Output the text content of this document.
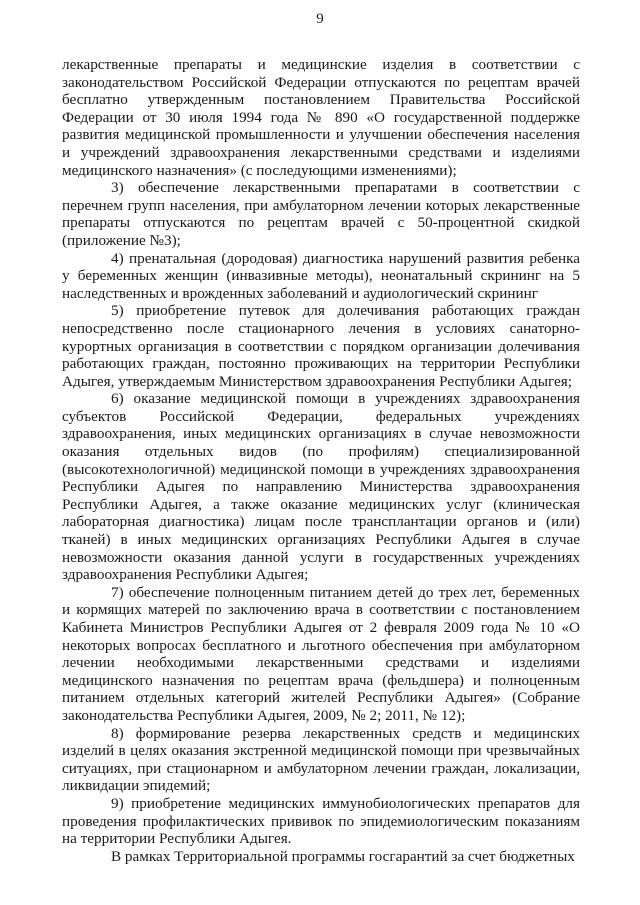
9

лекарственные препараты и медицинские изделия в соответствии с законодательством Российской Федерации отпускаются по рецептам врачей бесплатно утвержденным постановлением Правительства Российской Федерации от 30 июля 1994 года № 890 «О государственной поддержке развития медицинской промышленности и улучшении обеспечения населения и учреждений здравоохранения лекарственными средствами и изделиями медицинского назначения» (с последующими изменениями);

3) обеспечение лекарственными препаратами в соответствии с перечнем групп населения, при амбулаторном лечении которых лекарственные препараты отпускаются по рецептам врачей с 50-процентной скидкой (приложение №3);

4) пренатальная (дородовая) диагностика нарушений развития ребенка у беременных женщин (инвазивные методы), неонатальный скрининг на 5 наследственных и врожденных заболеваний и аудиологический скрининг

5) приобретение путевок для долечивания работающих граждан непосредственно после стационарного лечения в условиях санаторно-курортных организация в соответствии с порядком организации долечивания работающих граждан, постоянно проживающих на территории Республики Адыгея, утверждаемым Министерством здравоохранения Республики Адыгея;

6) оказание медицинской помощи в учреждениях здравоохранения субъектов Российской Федерации, федеральных учреждениях здравоохранения, иных медицинских организациях в случае невозможности оказания отдельных видов (по профилям) специализированной (высокотехнологичной) медицинской помощи в учреждениях здравоохранения Республики Адыгея по направлению Министерства здравоохранения Республики Адыгея, а также оказание медицинских услуг (клиническая лабораторная диагностика) лицам после трансплантации органов и (или) тканей) в иных медицинских организациях Республики Адыгея в случае невозможности оказания данной услуги в государственных учреждениях здравоохранения Республики Адыгея;

7) обеспечение полноценным питанием детей до трех лет, беременных и кормящих матерей по заключению врача в соответствии с постановлением Кабинета Министров Республики Адыгея от 2 февраля 2009 года № 10 «О некоторых вопросах бесплатного и льготного обеспечения при амбулаторном лечении необходимыми лекарственными средствами и изделиями медицинского назначения по рецептам врача (фельдшера) и полноценным питанием отдельных категорий жителей Республики Адыгея» (Собрание законодательства Республики Адыгея, 2009, № 2; 2011, № 12);

8) формирование резерва лекарственных средств и медицинских изделий в целях оказания экстренной медицинской помощи при чрезвычайных ситуациях, при стационарном и амбулаторном лечении граждан, локализации, ликвидации эпидемий;

9) приобретение медицинских иммунобиологических препаратов для проведения профилактических прививок по эпидемиологическим показаниям на территории Республики Адыгея.

В рамках Территориальной программы госгарантий за счет бюджетных
